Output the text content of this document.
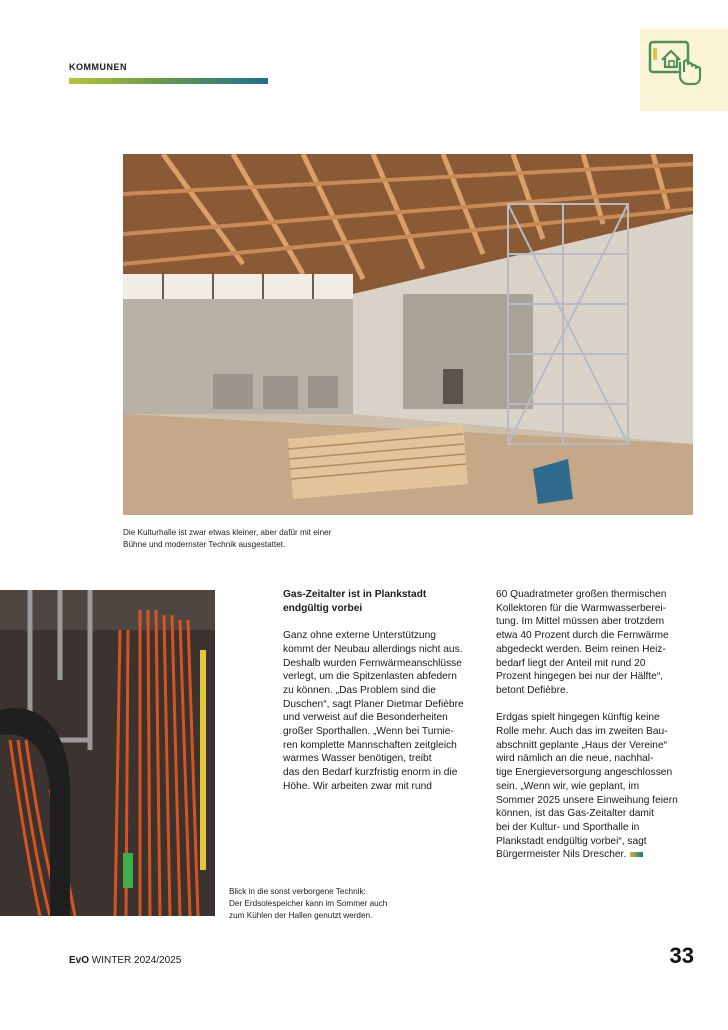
KOMMUNEN
Die Kulturhalle ist zwar etwas kleiner, aber dafür mit einer
Bühne und modernster Technik ausgestattet.
Blick in die sonst verborgene Technik:
Der Erdsolespeicher kann im Sommer auch
zum Kühlen der Hallen genutzt werden.

Gas-Zeitalter ist in Plankstadt
endgültig vorbei

Ganz ohne externe Unterstützung
kommt der Neubau allerdings nicht aus.
Deshalb wurden Fernwärmeanschlüsse
verlegt, um die Spitzenlasten abfedern
zu können. „Das Problem sind die
Duschen“, sagt Planer Dietmar Defièbre
und verweist auf die Besonderheiten
großer Sporthallen. „Wenn bei Turnie-
ren komplette Mannschaften zeitgleich
warmes Wasser benötigen, treibt
das den Bedarf kurzfristig enorm in die
Höhe. Wir arbeiten zwar mit rund

60 Quadratmeter großen thermischen
Kollektoren für die Warmwasserberei-
tung. Im Mittel müssen aber trotzdem
etwa 40 Prozent durch die Fernwärme
abgedeckt werden. Beim reinen Heiz-
bedarf liegt der Anteil mit rund 20
Prozent hingegen bei nur der Hälfte“,
betont Defièbre.

Erdgas spielt hingegen künftig keine
Rolle mehr. Auch das im zweiten Bau-
abschnitt geplante „Haus der Vereine“
wird nämlich an die neue, nachhal-
tige Energieversorgung angeschlossen
sein. „Wenn wir, wie geplant, im
Sommer 2025 unsere Einweihung feiern
können, ist das Gas-Zeitalter damit
bei der Kultur- und Sporthalle in
Plankstadt endgültig vorbei“, sagt
Bürgermeister Nils Drescher.

EvO WINTER 2024/2025	33
